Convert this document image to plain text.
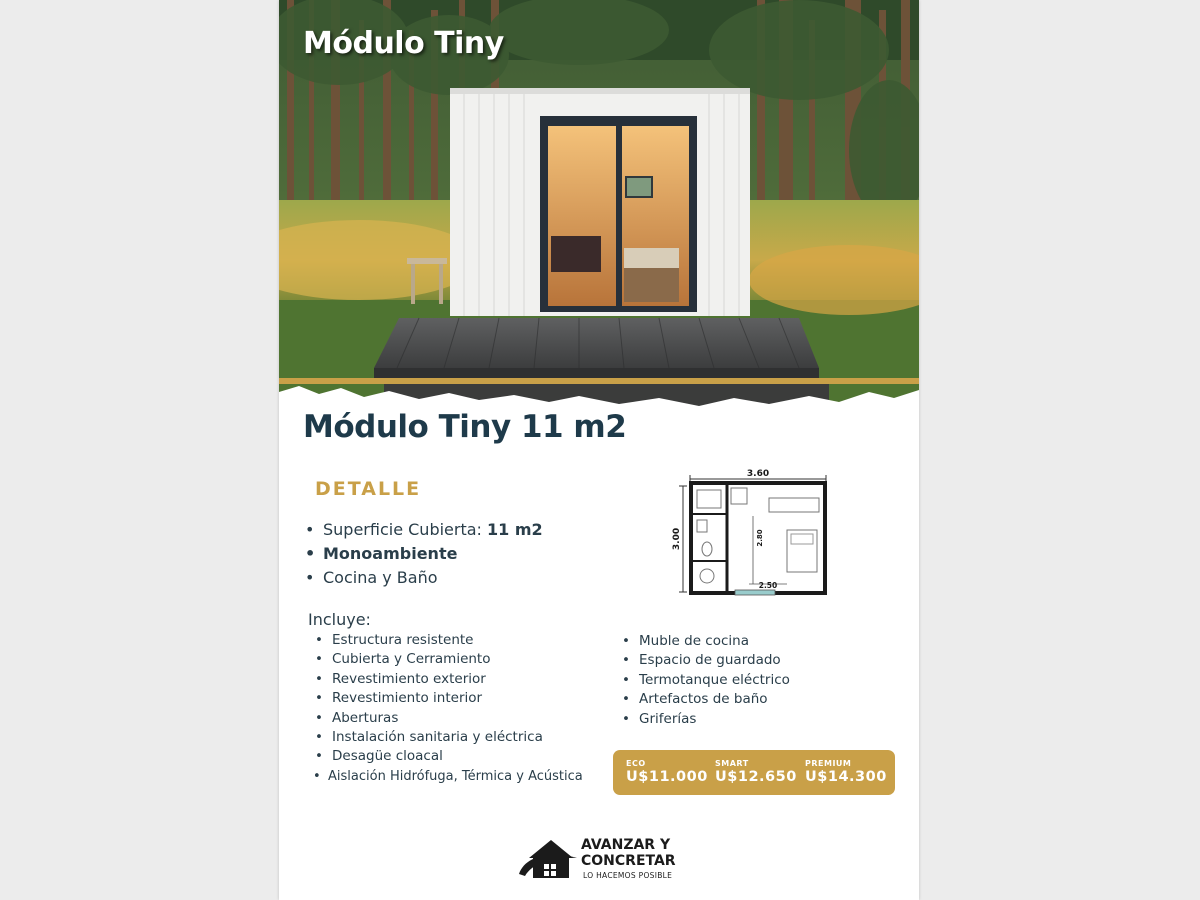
Módulo Tiny
Módulo Tiny 11 m2
DETALLE
• Superficie Cubierta: 11 m2
• Monoambiente
• Cocina y Baño
3.60
3.00	2.80
2.50

Incluye:

• Estructura resistente
• Cubierta y Cerramiento
• Revestimiento exterior
• Revestimiento interior
• Aberturas
• Instalación sanitaria y eléctrica
• Desagüe cloacal
• Aislación Hidrófuga, Térmica y Acústica
• Muble de cocina
• Espacio de guardado
• Termotanque eléctrico
• Artefactos de baño
• Griferías
ECO
U$11.000
SMART
U$12.650
PREMIUM
U$14.300
AVANZAR Y
CONCRETAR
LO HACEMOS POSIBLE
